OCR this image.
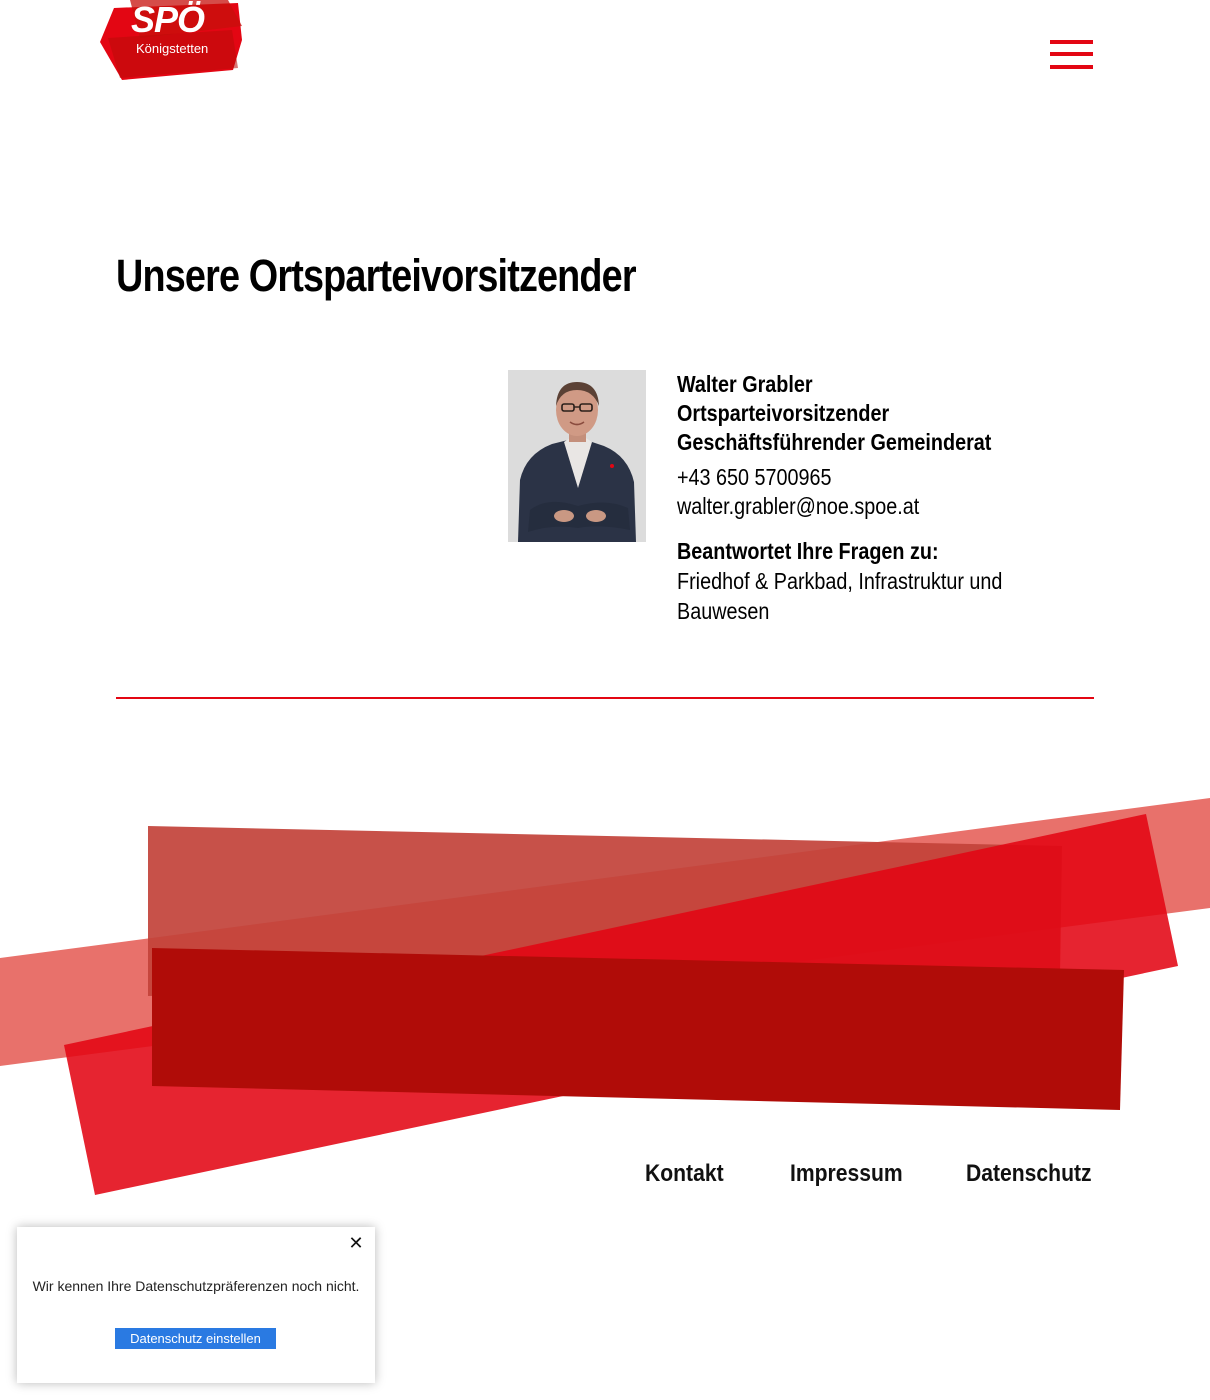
SPÖ
Königstetten
Unsere Ortsparteivorsitzender
Walter Grabler
Ortsparteivorsitzender
Geschäftsführender Gemeinderat
+43 650 5700965
walter.grabler@noe.spoe.at
Beantwortet Ihre Fragen zu:
Friedhof & Parkbad, Infrastruktur und Bauwesen
Kontakt	Impressum	Datenschutz
✕
Wir kennen Ihre Datenschutzpräferenzen noch nicht.
Datenschutz einstellen
